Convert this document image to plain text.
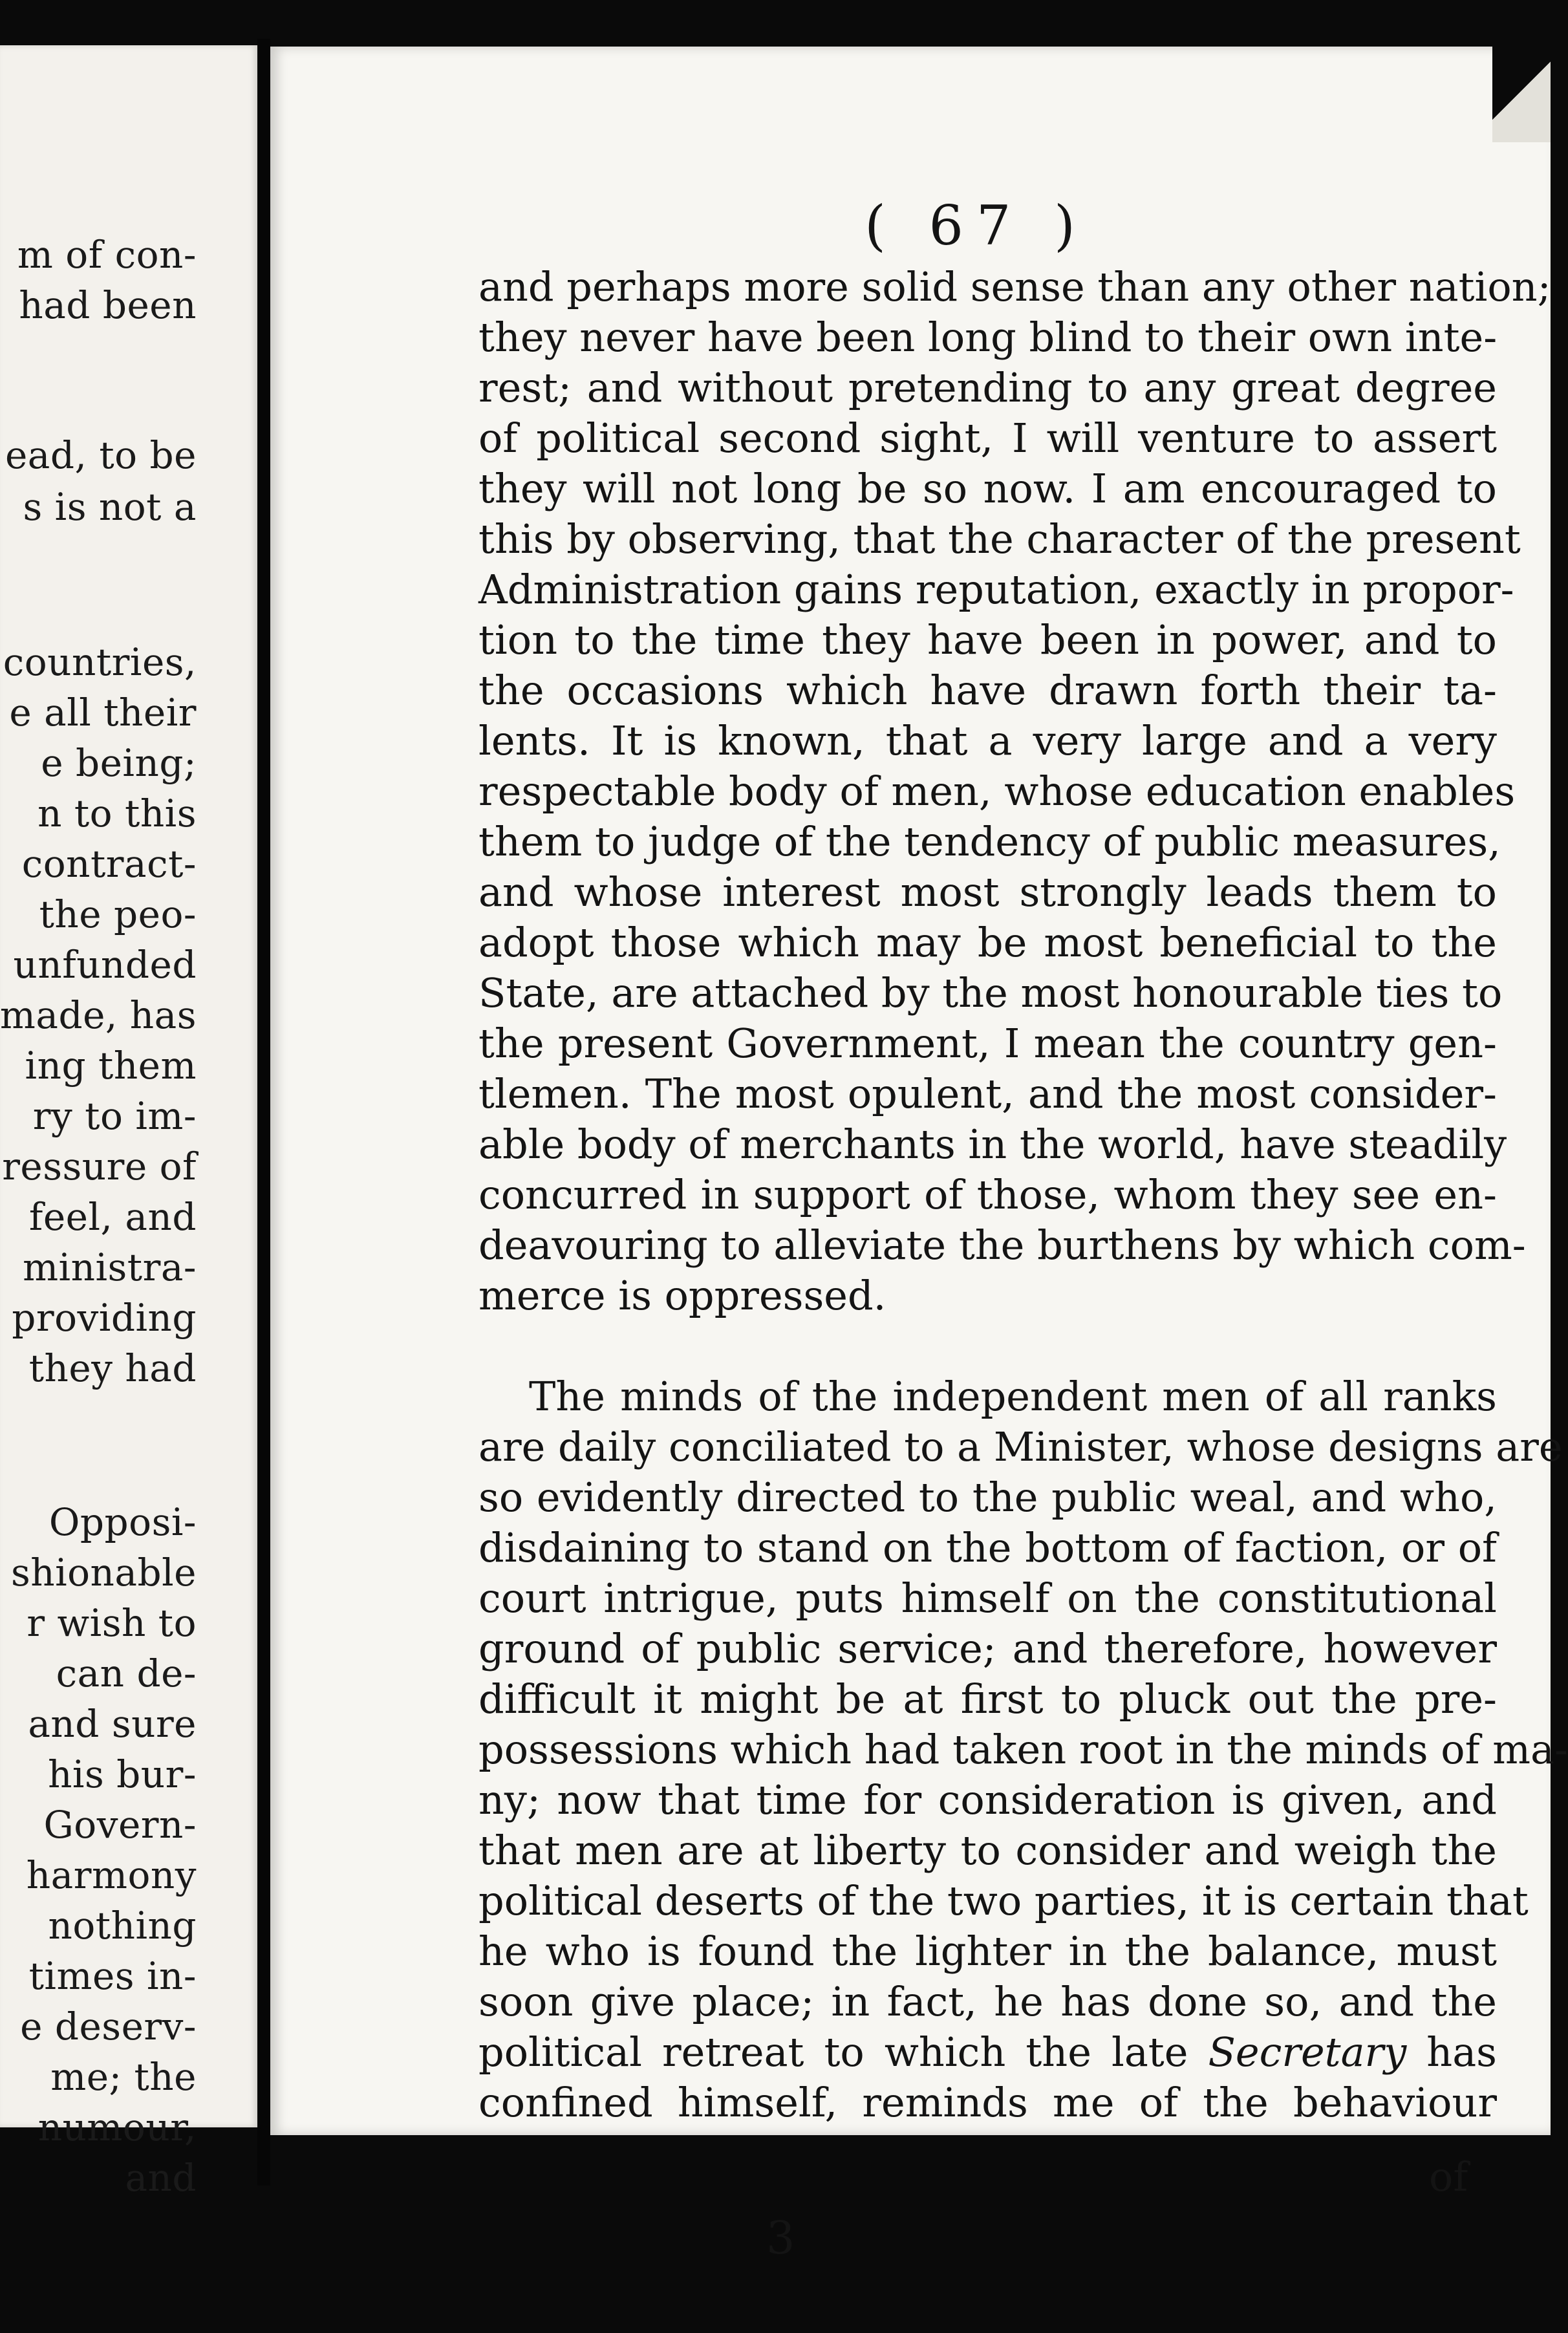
m of con-
had been
ead, to be
s is not a
countries,
e all their
e being;
n to this
contract-
the peo-
unfunded
made, has
ing them
ry to im-
ressure of
feel, and
ministra-
providing
they had
Opposi-
shionable
r wish to
can de-
and sure
his bur-
Govern-
harmony
nothing
times in-
e deserv-
me; the
numour,
and
( 67 )
and perhaps more solid sense than any other nation;
they never have been long blind to their own inte-
rest; and without pretending to any great degree
of political second sight, I will venture to assert
they will not long be so now. I am encouraged to
this by observing, that the character of the present
Administration gains reputation, exactly in propor-
tion to the time they have been in power, and to
the occasions which have drawn forth their ta-
lents. It is known, that a very large and a very
respectable body of men, whose education enables
them to judge of the tendency of public measures,
and whose interest most strongly leads them to
adopt those which may be most beneficial to the
State, are attached by the most honourable ties to
the present Government, I mean the country gen-
tlemen. The most opulent, and the most consider-
able body of merchants in the world, have steadily
concurred in support of those, whom they see en-
deavouring to alleviate the burthens by which com-
merce is oppressed.
The minds of the independent men of all ranks
are daily conciliated to a Minister, whose designs are
so evidently directed to the public weal, and who,
disdaining to stand on the bottom of faction, or of
court intrigue, puts himself on the constitutional
ground of public service; and therefore, however
difficult it might be at first to pluck out the pre-
possessions which had taken root in the minds of ma-
ny; now that time for consideration is given, and
that men are at liberty to consider and weigh the
political deserts of the two parties, it is certain that
he who is found the lighter in the balance, must
soon give place; in fact, he has done so, and the
political retreat to which the late Secretary has
confined himself, reminds me of the behaviour
of
3
